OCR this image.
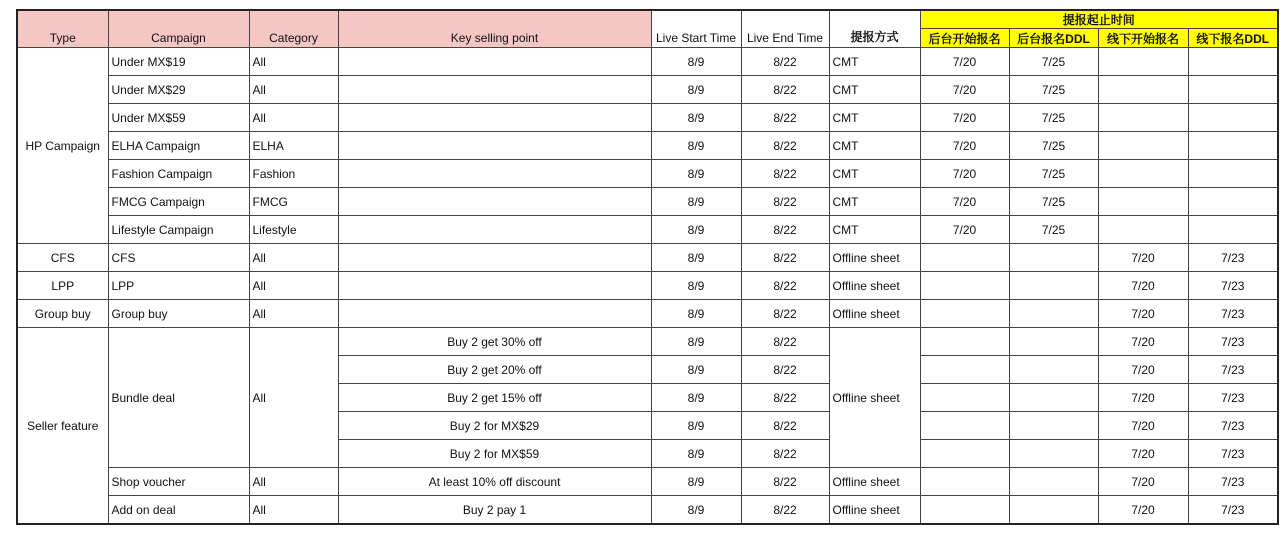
Type	Campaign	Category	Key selling point	Live Start Time	Live End Time	提报方式	提报起止时间			
							后台开始报名	后台报名DDL	线下开始报名	线下报名DDL
HP Campaign	Under MX$19	All		8/9	8/22	CMT	7/20	7/25		
	Under MX$29	All		8/9	8/22	CMT	7/20	7/25		
	Under MX$59	All		8/9	8/22	CMT	7/20	7/25		
	ELHA Campaign	ELHA		8/9	8/22	CMT	7/20	7/25		
	Fashion Campaign	Fashion		8/9	8/22	CMT	7/20	7/25		
	FMCG Campaign	FMCG		8/9	8/22	CMT	7/20	7/25		
	Lifestyle Campaign	Lifestyle		8/9	8/22	CMT	7/20	7/25		
CFS	CFS	All		8/9	8/22	Offline sheet			7/20	7/23
LPP	LPP	All		8/9	8/22	Offline sheet			7/20	7/23
Group buy	Group buy	All		8/9	8/22	Offline sheet			7/20	7/23
Seller feature	Bundle deal	All	Buy 2 get 30% off	8/9	8/22	Offline sheet			7/20	7/23
			Buy 2 get 20% off	8/9	8/22				7/20	7/23
			Buy 2 get 15% off	8/9	8/22				7/20	7/23
			Buy 2 for MX$29	8/9	8/22				7/20	7/23
			Buy 2 for MX$59	8/9	8/22				7/20	7/23
	Shop voucher	All	At least 10% off discount	8/9	8/22	Offline sheet			7/20	7/23
	Add on deal	All	Buy 2 pay 1	8/9	8/22	Offline sheet			7/20	7/23
